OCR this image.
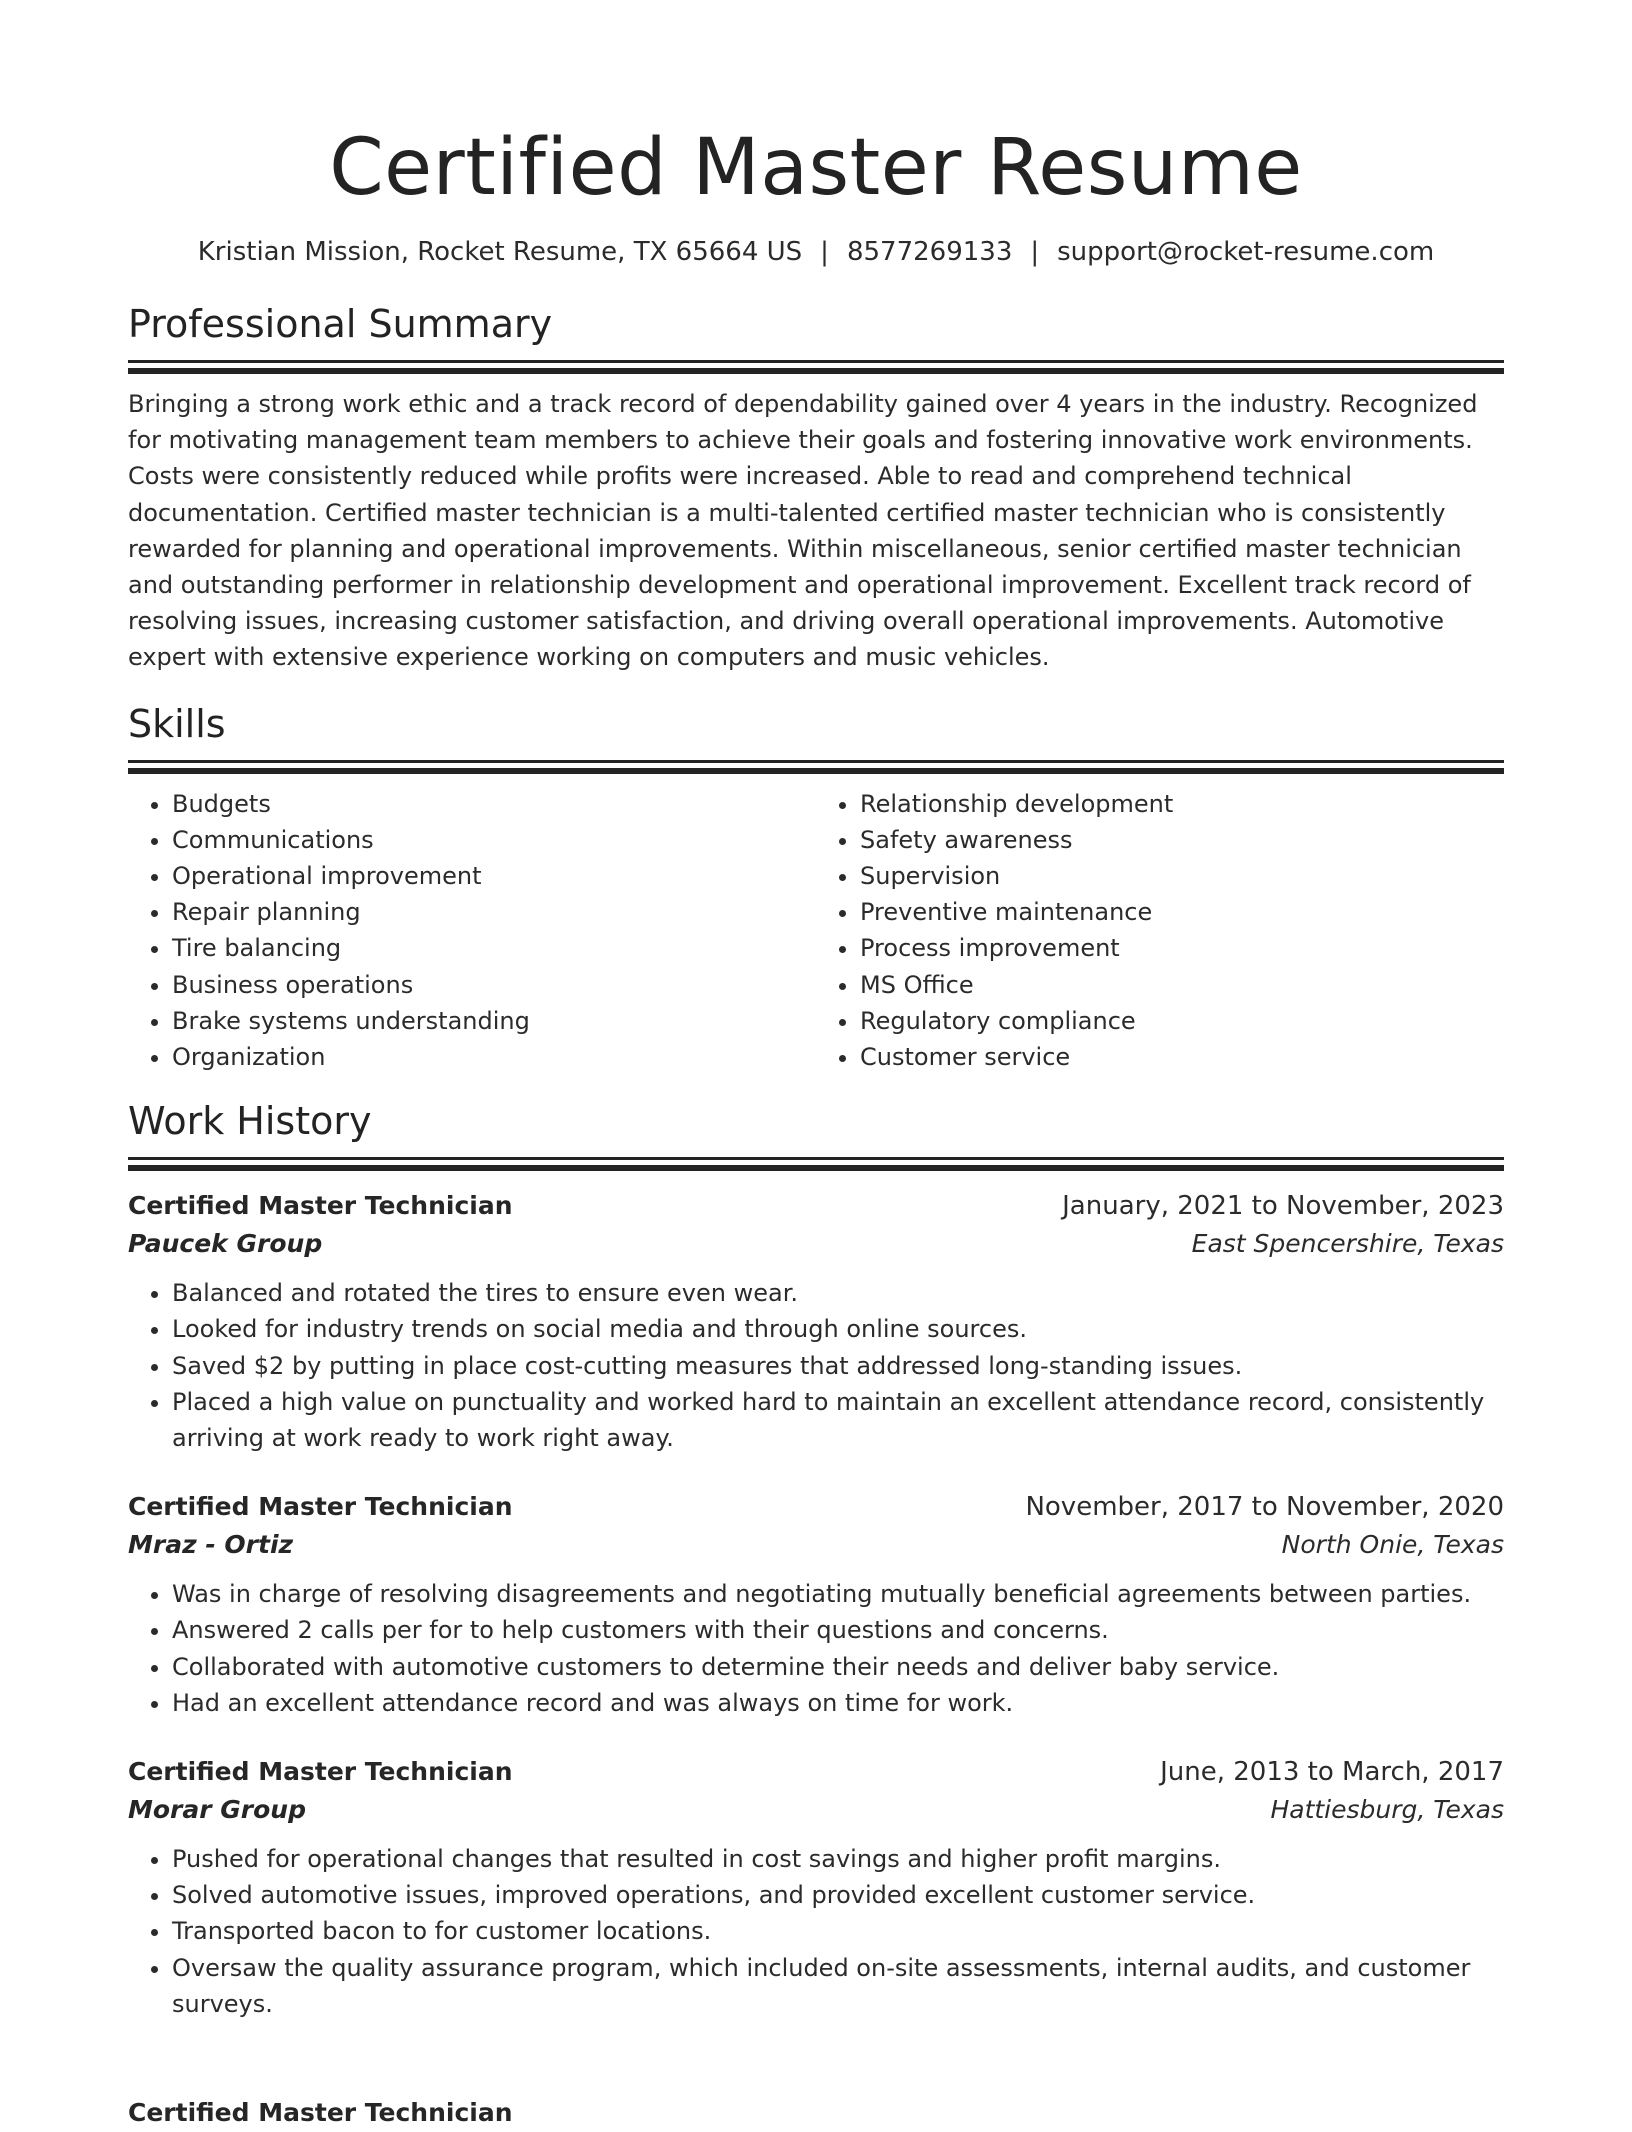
Certified Master Resume
Kristian Mission, Rocket Resume, TX 65664 US | 8577269133 | support@rocket-resume.com
Professional Summary

Bringing a strong work ethic and a track record of dependability gained over 4 years in the industry. Recognized for motivating management team members to achieve their goals and fostering innovative work environments. Costs were consistently reduced while profits were increased. Able to read and comprehend technical documentation. Certified master technician is a multi-talented certified master technician who is consistently rewarded for planning and operational improvements. Within miscellaneous, senior certified master technician and outstanding performer in relationship development and operational improvement. Excellent track record of resolving issues, increasing customer satisfaction, and driving overall operational improvements. Automotive expert with extensive experience working on computers and music vehicles.

Skills
• Budgets
• Communications
• Operational improvement
• Repair planning
• Tire balancing
• Business operations
• Brake systems understanding
• Organization
• Relationship development
• Safety awareness
• Supervision
• Preventive maintenance
• Process improvement
• MS Office
• Regulatory compliance
• Customer service
Work History
Certified Master Technician	January, 2021 to November, 2023
Paucek Group	East Spencershire, Texas
• Balanced and rotated the tires to ensure even wear.
• Looked for industry trends on social media and through online sources.
• Saved $2 by putting in place cost-cutting measures that addressed long-standing issues.
• Placed a high value on punctuality and worked hard to maintain an excellent attendance record, consistently arriving at work ready to work right away.
Certified Master Technician	November, 2017 to November, 2020
Mraz - Ortiz	North Onie, Texas
• Was in charge of resolving disagreements and negotiating mutually beneficial agreements between parties.
• Answered 2 calls per for to help customers with their questions and concerns.
• Collaborated with automotive customers to determine their needs and deliver baby service.
• Had an excellent attendance record and was always on time for work.
Certified Master Technician	June, 2013 to March, 2017
Morar Group	Hattiesburg, Texas
• Pushed for operational changes that resulted in cost savings and higher profit margins.
• Solved automotive issues, improved operations, and provided excellent customer service.
• Transported bacon to for customer locations.
• Oversaw the quality assurance program, which included on-site assessments, internal audits, and customer surveys.
Certified Master Technician
